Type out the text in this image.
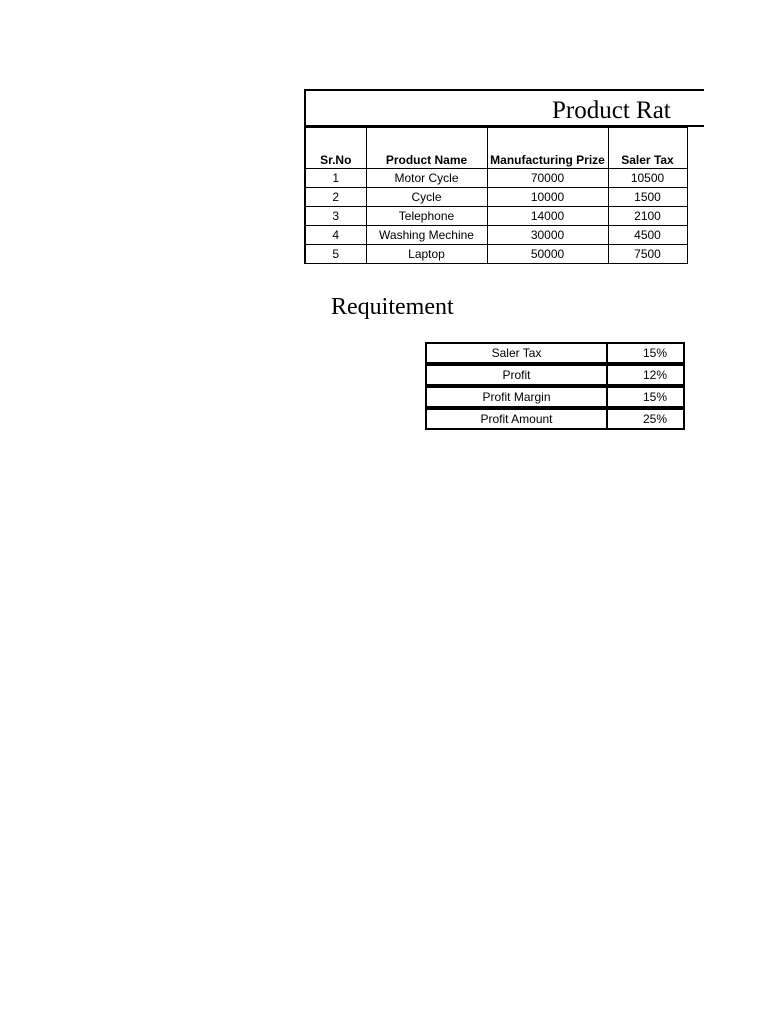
Product Rat
Sr.No	Product Name	Manufacturing Prize	Saler Tax
1	Motor Cycle	70000	10500
2	Cycle	10000	1500
3	Telephone	14000	2100
4	Washing Mechine	30000	4500
5	Laptop	50000	7500
Requitement
Saler Tax	15%
Profit	12%
Profit Margin	15%
Profit Amount	25%
